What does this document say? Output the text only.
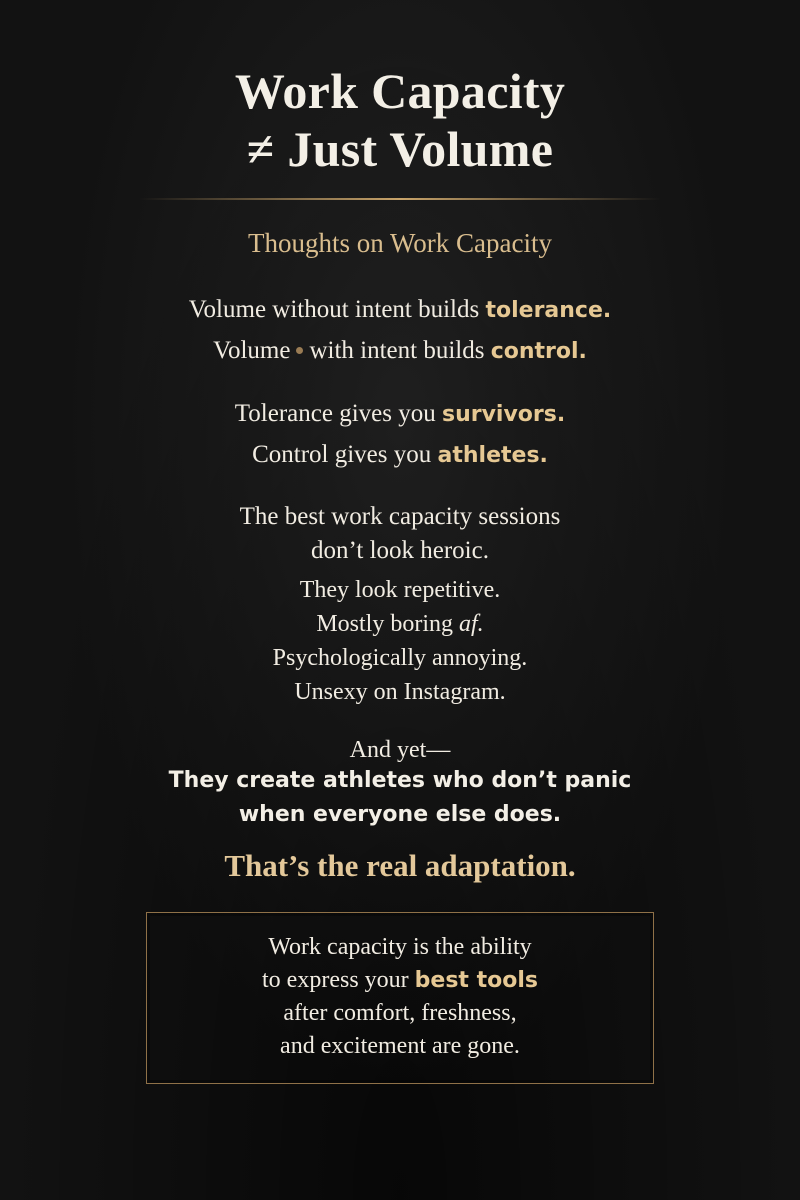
Work Capacity
≠ Just Volume
Thoughts on Work Capacity
Volume without intent builds tolerance.
Volume with intent builds control.
Tolerance gives you survivors.
Control gives you athletes.
The best work capacity sessions
don’t look heroic.
They look repetitive.
Mostly boring af.
Psychologically annoying.
Unsexy on Instagram.
And yet—
They create athletes who don’t panic
when everyone else does.
That’s the real adaptation.
Work capacity is the ability
to express your best tools
after comfort, freshness,
and excitement are gone.
